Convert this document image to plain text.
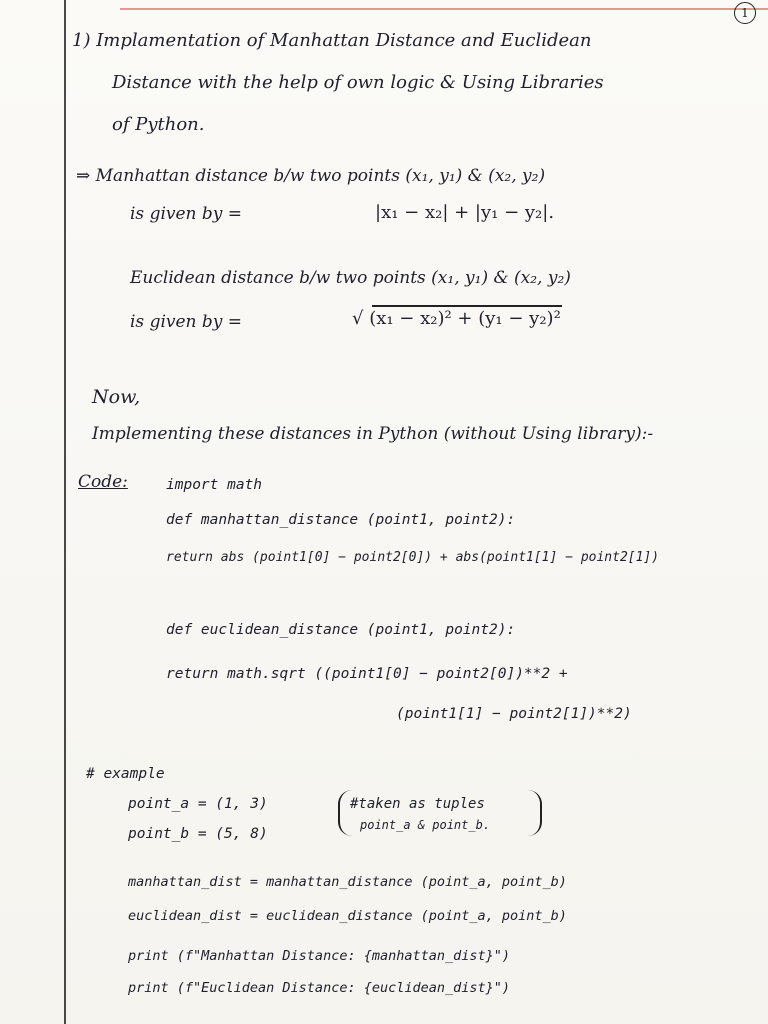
1
1) Implamentation of Manhattan Distance and Euclidean
Distance with the help of own logic & Using Libraries
of Python.
⇒ Manhattan distance b/w two points (x₁, y₁) & (x₂, y₂)
is given by =	|x₁ − x₂| + |y₁ − y₂|.
Euclidean distance b/w two points (x₁, y₁) & (x₂, y₂)
is given by =	√ (x₁ − x₂)² + (y₁ − y₂)²
Now,
Implementing these distances in Python (without Using library):-
Code:	import math
def manhattan_distance (point1, point2):
return abs (point1[0] − point2[0]) + abs(point1[1] − point2[1])
def euclidean_distance (point1, point2):
return math.sqrt ((point1[0] − point2[0])**2 +
(point1[1] − point2[1])**2)
# example
point_a = (1, 3)
point_b = (5, 8)
#taken as tuples
point_a & point_b.
manhattan_dist = manhattan_distance (point_a, point_b)
euclidean_dist = euclidean_distance (point_a, point_b)
print (f"Manhattan Distance: {manhattan_dist}")
print (f"Euclidean Distance: {euclidean_dist}")
